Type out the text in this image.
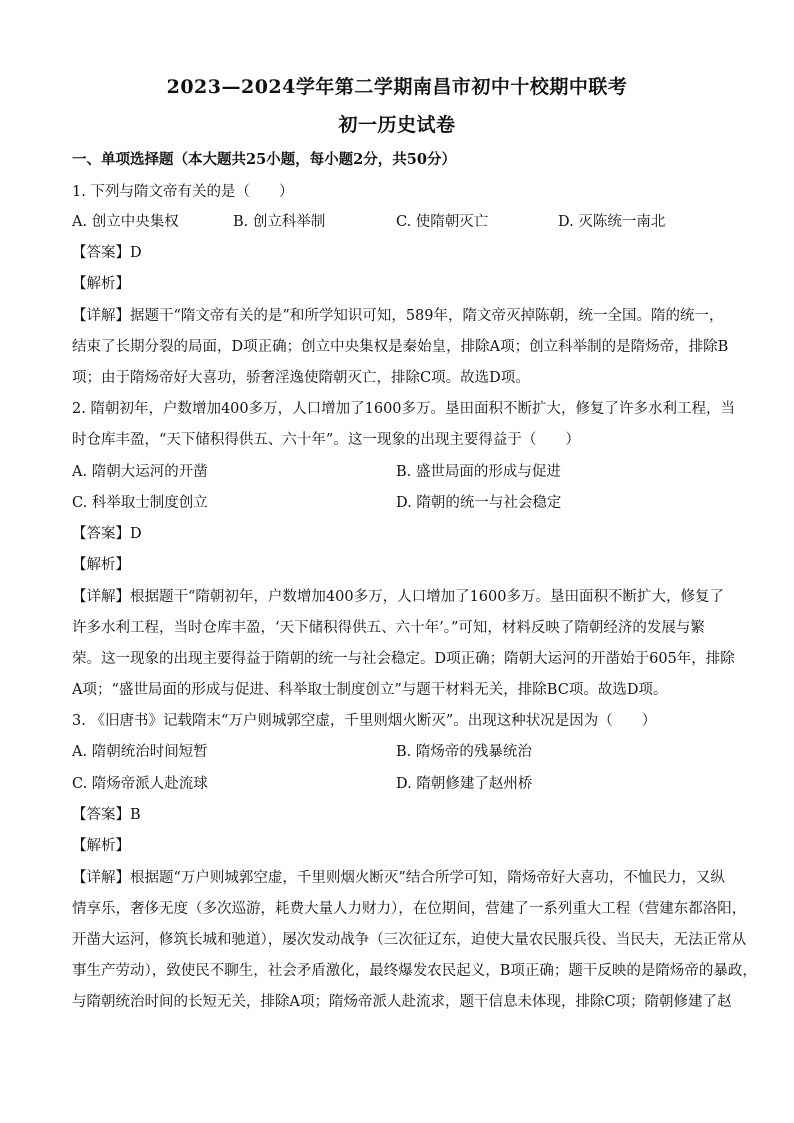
2023—2024学年第二学期南昌市初中十校期中联考
初一历史试卷
一、单项选择题（本大题共25小题，每小题2分，共50分）
1. 下列与隋文帝有关的是（　　）
A. 创立中央集权	B. 创立科举制	C. 使隋朝灭亡	D. 灭陈统一南北
【答案】D
【解析】
【详解】据题干“隋文帝有关的是”和所学知识可知，589年，隋文帝灭掉陈朝，统一全国。隋的统一，
结束了长期分裂的局面，D项正确；创立中央集权是秦始皇，排除A项；创立科举制的是隋炀帝，排除B
项；由于隋炀帝好大喜功，骄奢淫逸使隋朝灭亡，排除C项。故选D项。
2. 隋朝初年，户数增加400多万，人口增加了1600多万。垦田面积不断扩大，修复了许多水利工程，当
时仓库丰盈，“天下储积得供五、六十年”。这一现象的出现主要得益于（　　）
A. 隋朝大运河的开凿	B. 盛世局面的形成与促进
C. 科举取士制度创立	D. 隋朝的统一与社会稳定
【答案】D
【解析】
【详解】根据题干“隋朝初年，户数增加400多万，人口增加了1600多万。垦田面积不断扩大，修复了
许多水利工程，当时仓库丰盈，‘天下储积得供五、六十年’。”可知，材料反映了隋朝经济的发展与繁
荣。这一现象的出现主要得益于隋朝的统一与社会稳定。D项正确；隋朝大运河的开凿始于605年，排除
A项；“盛世局面的形成与促进、科举取士制度创立”与题干材料无关，排除BC项。故选D项。
3. 《旧唐书》记载隋末“万户则城郭空虚，千里则烟火断灭”。出现这种状况是因为（　　）
A. 隋朝统治时间短暂	B. 隋炀帝的残暴统治
C. 隋炀帝派人赴流球	D. 隋朝修建了赵州桥
【答案】B
【解析】
【详解】根据题“万户则城郭空虚，千里则烟火断灭”结合所学可知，隋炀帝好大喜功，不恤民力，又纵
情享乐，奢侈无度（多次巡游，耗费大量人力财力），在位期间，营建了一系列重大工程（营建东都洛阳，
开凿大运河，修筑长城和驰道），屡次发动战争（三次征辽东，迫使大量农民服兵役、当民夫，无法正常从
事生产劳动），致使民不聊生，社会矛盾激化，最终爆发农民起义，B项正确；题干反映的是隋炀帝的暴政，
与隋朝统治时间的长短无关，排除A项；隋炀帝派人赴流求，题干信息未体现，排除C项；隋朝修建了赵
